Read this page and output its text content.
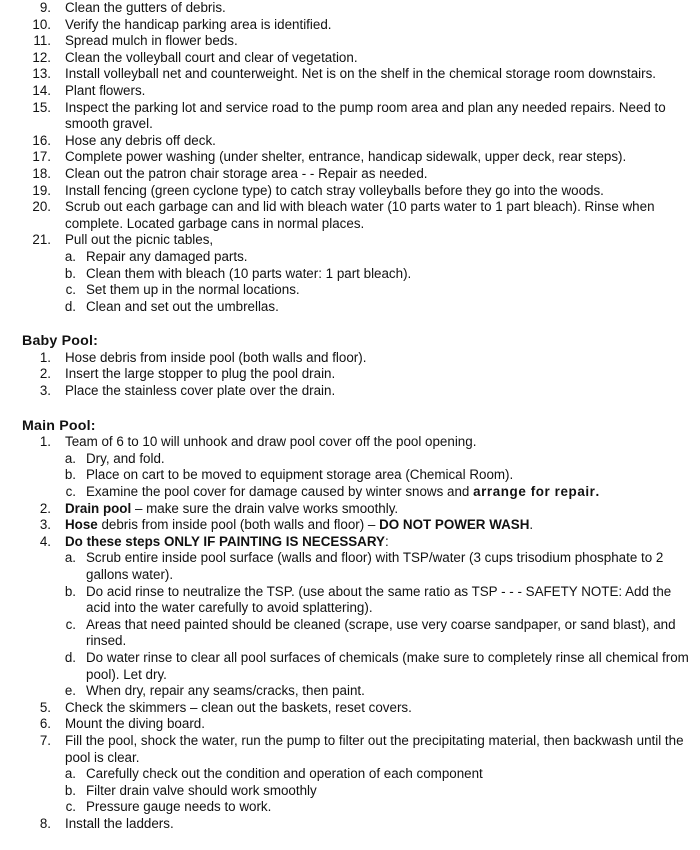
9. Clean the gutters of debris.
10. Verify the handicap parking area is identified.
11. Spread mulch in flower beds.
12. Clean the volleyball court and clear of vegetation.
13. Install volleyball net and counterweight. Net is on the shelf in the chemical storage room downstairs.
14. Plant flowers.
15. Inspect the parking lot and service road to the pump room area and plan any needed repairs. Need to smooth gravel.
16. Hose any debris off deck.
17. Complete power washing (under shelter, entrance, handicap sidewalk, upper deck, rear steps).
18. Clean out the patron chair storage area - - Repair as needed.
19. Install fencing (green cyclone type) to catch stray volleyballs before they go into the woods.
20. Scrub out each garbage can and lid with bleach water (10 parts water to 1 part bleach). Rinse when complete. Located garbage cans in normal places.
21. Pull out the picnic tables,
a. Repair any damaged parts.
b. Clean them with bleach (10 parts water: 1 part bleach).
c. Set them up in the normal locations.
d. Clean and set out the umbrellas.
Baby Pool:
1. Hose debris from inside pool (both walls and floor).
2. Insert the large stopper to plug the pool drain.
3. Place the stainless cover plate over the drain.
Main Pool:
1. Team of 6 to 10 will unhook and draw pool cover off the pool opening.
a. Dry, and fold.
b. Place on cart to be moved to equipment storage area (Chemical Room).
c. Examine the pool cover for damage caused by winter snows and arrange for repair.
2. Drain pool – make sure the drain valve works smoothly.
3. Hose debris from inside pool (both walls and floor) – DO NOT POWER WASH.
4. Do these steps ONLY IF PAINTING IS NECESSARY:
a. Scrub entire inside pool surface (walls and floor) with TSP/water (3 cups trisodium phosphate to 2 gallons water).
b. Do acid rinse to neutralize the TSP. (use about the same ratio as TSP - - - SAFETY NOTE: Add the acid into the water carefully to avoid splattering).
c. Areas that need painted should be cleaned (scrape, use very coarse sandpaper, or sand blast), and rinsed.
d. Do water rinse to clear all pool surfaces of chemicals (make sure to completely rinse all chemical from pool). Let dry.
e. When dry, repair any seams/cracks, then paint.
5. Check the skimmers – clean out the baskets, reset covers.
6. Mount the diving board.
7. Fill the pool, shock the water, run the pump to filter out the precipitating material, then backwash until the pool is clear.
a. Carefully check out the condition and operation of each component
b. Filter drain valve should work smoothly
c. Pressure gauge needs to work.
8. Install the ladders.
